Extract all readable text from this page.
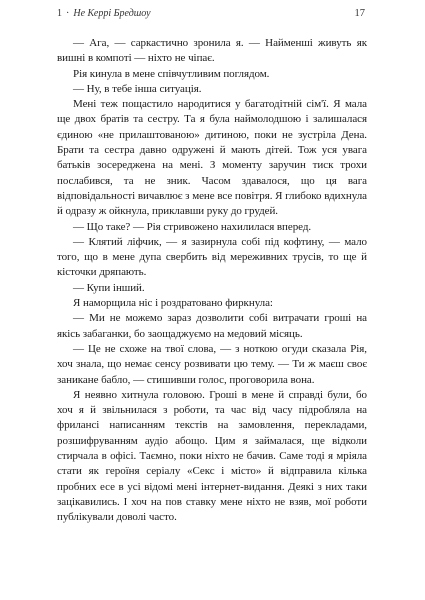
1 · Не Керрі Бредшоу	17

— Ага, — саркастично зронила я. — Найменші живуть як вишні в компоті — ніхто не чіпає.

Рія кинула в мене співчутливим поглядом.

— Ну, в тебе інша ситуація.

Мені теж пощастило народитися у багатодітній сім'ї. Я мала ще двох братів та сестру. Та я була наймолодшою і залишалася єдиною «не прилаштованою» дитиною, поки не зустріла Дена. Брати та сестра давно одружені й мають дітей. Тож уся увага батьків зосереджена на мені. З моменту заручин тиск трохи послабився, та не зник. Часом здавалося, що ця вага відповідальності вичавлює з мене все повітря. Я глибоко вдихнула й одразу ж ойкнула, приклавши руку до грудей.

— Що таке? — Рія стривожено нахилилася вперед.

— Клятий ліфчик, — я зазирнула собі під кофтину, — мало того, що в мене дупа свербить від мереживних трусів, то ще й кісточки дряпають.

— Купи інший.

Я наморщила ніс і роздратовано фиркнула:

— Ми не можемо зараз дозволити собі витрачати гроші на якісь забаганки, бо заощаджуємо на медовий місяць.

— Це не схоже на твої слова, — з ноткою огуди сказала Рія, хоч знала, що немає сенсу розвивати цю тему. — Ти ж маєш своє заникане бабло, — стишивши голос, проговорила вона.

Я неявно хитнула головою. Гроші в мене й справді були, бо хоч я й звільнилася з роботи, та час від часу підробляла на фрилансі написанням текстів на замовлення, перекладами, розшифруванням аудіо абощо. Цим я займалася, ще відколи стирчала в офісі. Таємно, поки ніхто не бачив. Саме тоді я мріяла стати як героїня серіалу «Секс і місто» й відправила кілька пробних есе в усі відомі мені інтернет-видання. Деякі з них таки зацікавились. І хоч на пов ставку мене ніхто не взяв, мої роботи публікували доволі часто.
